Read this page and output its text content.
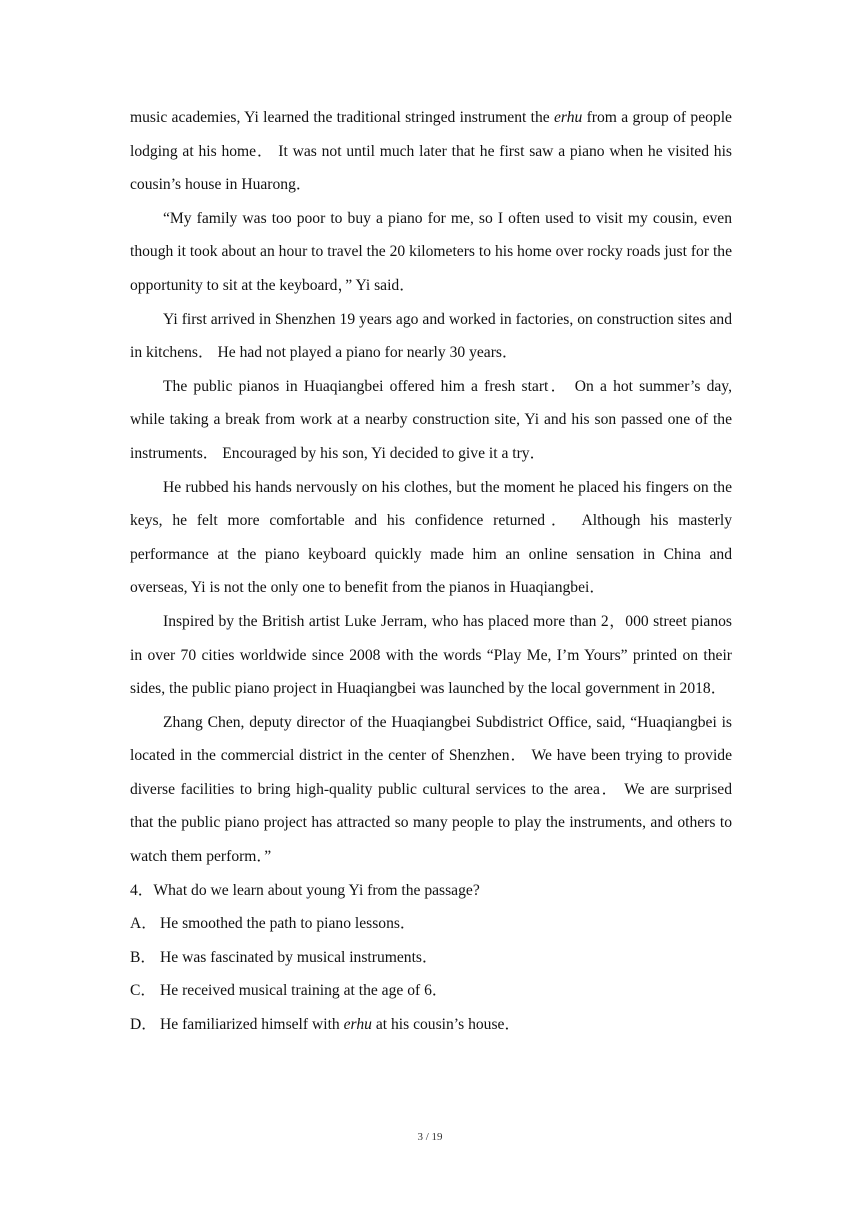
music academies, Yi learned the traditional stringed instrument the erhu from a group of people lodging at his home． It was not until much later that he first saw a piano when he visited his cousin’s house in Huarong．

“My family was too poor to buy a piano for me, so I often used to visit my cousin, even though it took about an hour to travel the 20 kilometers to his home over rocky roads just for the opportunity to sit at the keyboard，” Yi said．

Yi first arrived in Shenzhen 19 years ago and worked in factories, on construction sites and in kitchens． He had not played a piano for nearly 30 years．

The public pianos in Huaqiangbei offered him a fresh start． On a hot summer’s day, while taking a break from work at a nearby construction site, Yi and his son passed one of the instruments． Encouraged by his son, Yi decided to give it a try．

He rubbed his hands nervously on his clothes, but the moment he placed his fingers on the keys, he felt more comfortable and his confidence returned． Although his masterly performance at the piano keyboard quickly made him an online sensation in China and overseas, Yi is not the only one to benefit from the pianos in Huaqiangbei．

Inspired by the British artist Luke Jerram, who has placed more than 2，000 street pianos in over 70 cities worldwide since 2008 with the words “Play Me, I’m Yours” printed on their sides, the public piano project in Huaqiangbei was launched by the local government in 2018．

Zhang Chen, deputy director of the Huaqiangbei Subdistrict Office, said, “Huaqiangbei is located in the commercial district in the center of Shenzhen． We have been trying to provide diverse facilities to bring high-quality public cultural services to the area． We are surprised that the public piano project has attracted so many people to play the instruments, and others to watch them perform．”

4．What do we learn about young Yi from the passage?

A． He smoothed the path to piano lessons．

B． He was fascinated by musical instruments．

C． He received musical training at the age of 6．

D． He familiarized himself with erhu at his cousin’s house．

3 / 19
